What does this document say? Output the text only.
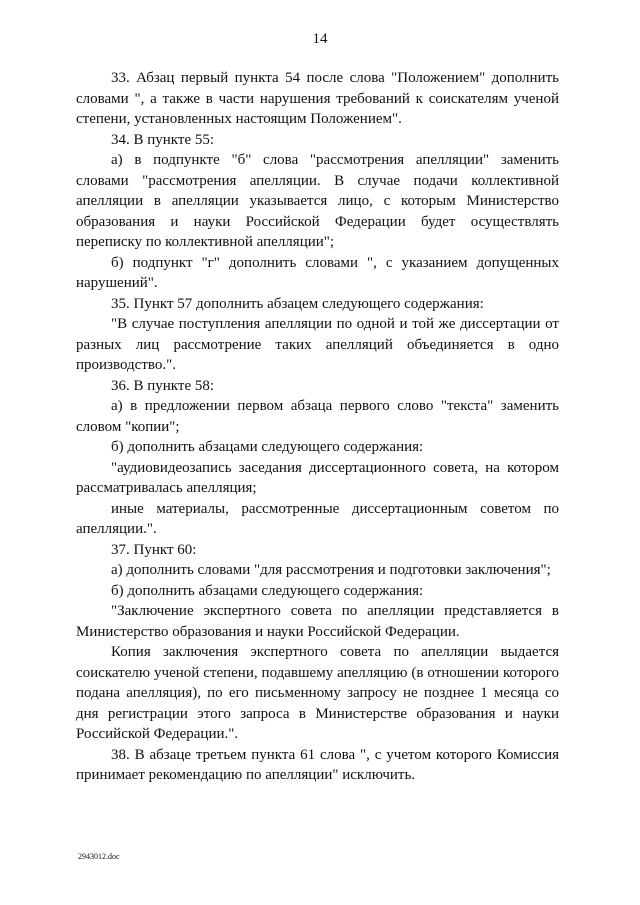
14

33. Абзац первый пункта 54 после слова "Положением" дополнить словами ", а также в части нарушения требований к соискателям ученой степени, установленных настоящим Положением".

34. В пункте 55:

а) в подпункте "б" слова "рассмотрения апелляции" заменить словами "рассмотрения апелляции. В случае подачи коллективной апелляции в апелляции указывается лицо, с которым Министерство образования и науки Российской Федерации будет осуществлять переписку по коллективной апелляции";

б) подпункт "г" дополнить словами ", с указанием допущенных нарушений".

35. Пункт 57 дополнить абзацем следующего содержания:

"В случае поступления апелляции по одной и той же диссертации от разных лиц рассмотрение таких апелляций объединяется в одно производство.".

36. В пункте 58:

а) в предложении первом абзаца первого слово "текста" заменить словом "копии";

б) дополнить абзацами следующего содержания:

"аудиовидеозапись заседания диссертационного совета, на котором рассматривалась апелляция;

иные материалы, рассмотренные диссертационным советом по апелляции.".

37. Пункт 60:

а) дополнить словами "для рассмотрения и подготовки заключения";

б) дополнить абзацами следующего содержания:

"Заключение экспертного совета по апелляции представляется в Министерство образования и науки Российской Федерации.

Копия заключения экспертного совета по апелляции выдается соискателю ученой степени, подавшему апелляцию (в отношении которого подана апелляция), по его письменному запросу не позднее 1 месяца со дня регистрации этого запроса в Министерстве образования и науки Российской Федерации.".

38. В абзаце третьем пункта 61 слова ", с учетом которого Комиссия принимает рекомендацию по апелляции" исключить.

2943012.doc
